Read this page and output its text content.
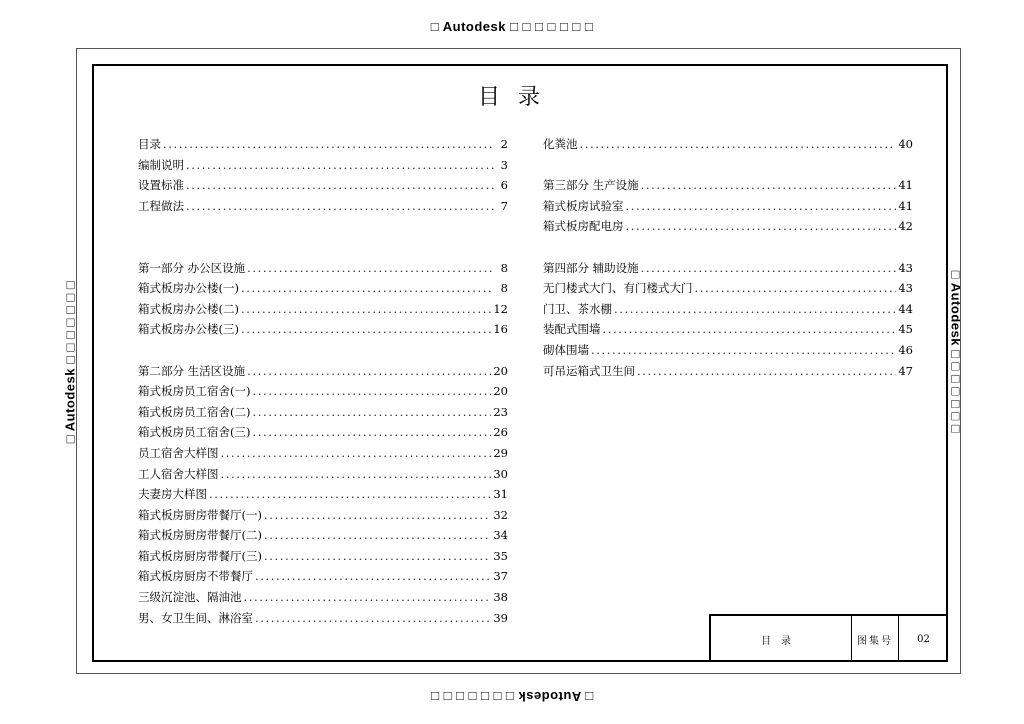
□ Autodesk □ □ □ □ □ □ □
□ Autodesk □ □ □ □ □ □ □
□ Autodesk □ □ □ □ □ □ □	□ Autodesk □ □ □ □ □ □ □
目录
目录 .....	2
编制说明 .....	3
设置标准 .....	6
工程做法 .....	7
第一部分 办公区设施 .....	8
箱式板房办公楼(一) .....	8
箱式板房办公楼(二) .....	12
箱式板房办公楼(三) .....	16
第二部分 生活区设施 .....	20
箱式板房员工宿舍(一) .....	20
箱式板房员工宿舍(二) .....	23
箱式板房员工宿舍(三) .....	26
员工宿舍大样图 .....	29
工人宿舍大样图 .....	30
夫妻房大样图 .....	31
箱式板房厨房带餐厅(一) .....	32
箱式板房厨房带餐厅(二) .....	34
箱式板房厨房带餐厅(三) .....	35
箱式板房厨房不带餐厅 .....	37
三级沉淀池、隔油池 .....	38
男、女卫生间、淋浴室 .....	39
化粪池 .....	40
第三部分 生产设施 .....	41
箱式板房试验室 .....	41
箱式板房配电房 .....	42
第四部分 辅助设施 .....	43
无门楼式大门、有门楼式大门 .....	43
门卫、茶水棚 .....	44
装配式围墙 .....	45
砌体围墙 .....	46
可吊运箱式卫生间 .....	47
目录	图集号	02
